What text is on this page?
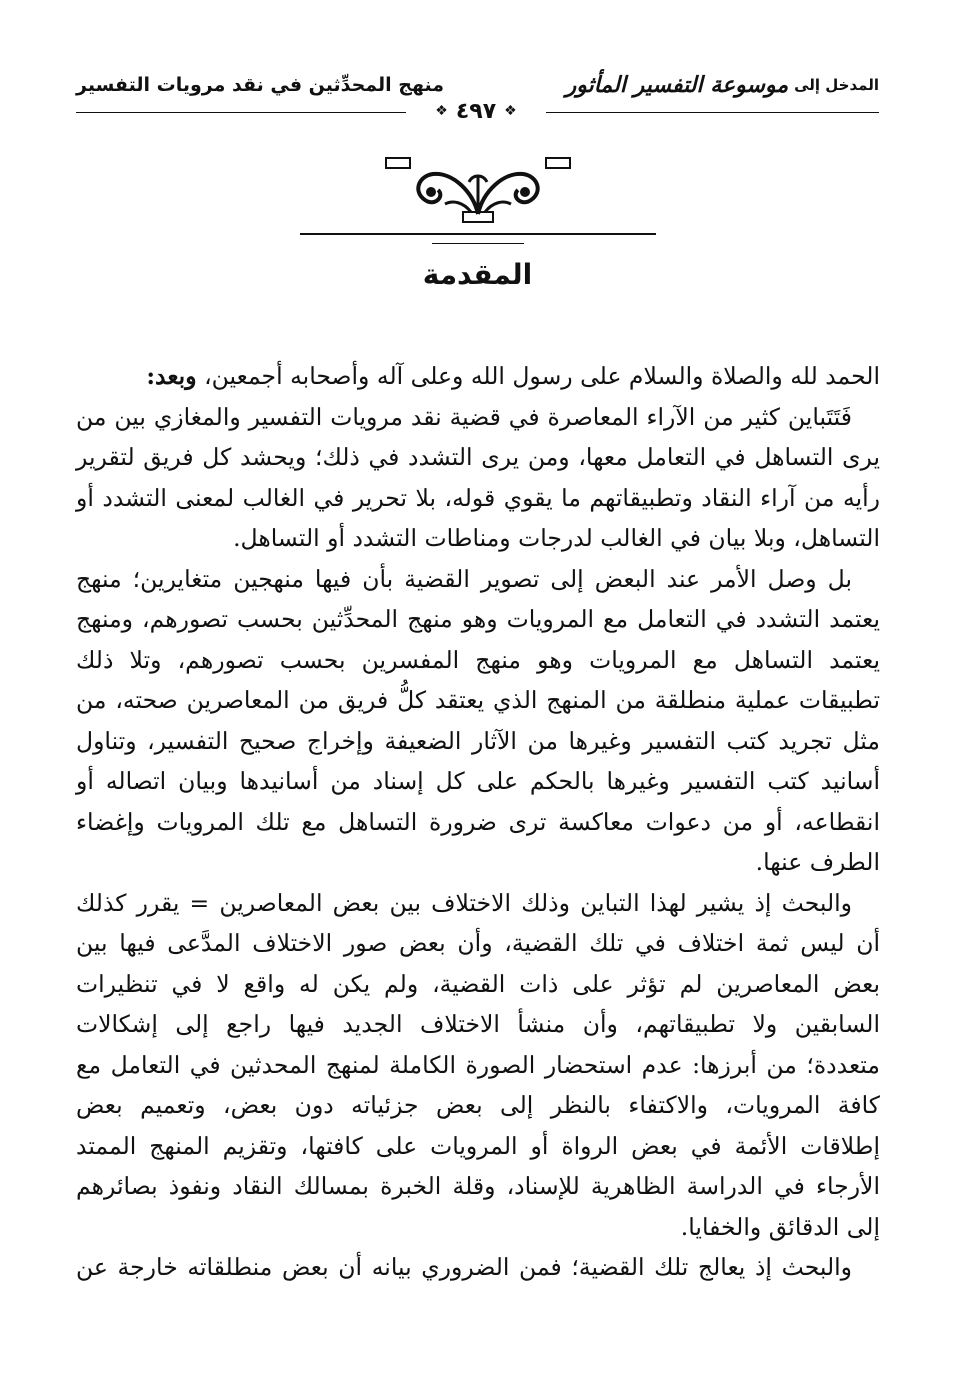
المدخل إلى
موسوعة التفسير المأثور
منهج المحدِّثين في نقد مرويات التفسير
❖
٤٩٧
❖
المقدمة

الحمد لله والصلاة والسلام على رسول الله وعلى آله وأصحابه أجمعين، وبعد:

فَتَتَباين كثير من الآراء المعاصرة في قضية نقد مرويات التفسير والمغازي بين من
يرى التساهل في التعامل معها، ومن يرى التشدد في ذلك؛ ويحشد كل فريق لتقرير
رأيه من آراء النقاد وتطبيقاتهم ما يقوي قوله، بلا تحرير في الغالب لمعنى التشدد أو
التساهل، وبلا بيان في الغالب لدرجات ومناطات التشدد أو التساهل.

بل وصل الأمر عند البعض إلى تصوير القضية بأن فيها منهجين متغايرين؛ منهج
يعتمد التشدد في التعامل مع المرويات وهو منهج المحدِّثين بحسب تصورهم، ومنهج
يعتمد التساهل مع المرويات وهو منهج المفسرين بحسب تصورهم، وتلا ذلك
تطبيقات عملية منطلقة من المنهج الذي يعتقد كلُّ فريق من المعاصرين صحته، من
مثل تجريد كتب التفسير وغيرها من الآثار الضعيفة وإخراج صحيح التفسير، وتناول
أسانيد كتب التفسير وغيرها بالحكم على كل إسناد من أسانيدها وبيان اتصاله أو
انقطاعه، أو من دعوات معاكسة ترى ضرورة التساهل مع تلك المرويات وإغضاء
الطرف عنها.

والبحث إذ يشير لهذا التباين وذلك الاختلاف بين بعض المعاصرين = يقرر كذلك
أن ليس ثمة اختلاف في تلك القضية، وأن بعض صور الاختلاف المدَّعى فيها بين
بعض المعاصرين لم تؤثر على ذات القضية، ولم يكن له واقع لا في تنظيرات
السابقين ولا تطبيقاتهم، وأن منشأ الاختلاف الجديد فيها راجع إلى إشكالات
متعددة؛ من أبرزها: عدم استحضار الصورة الكاملة لمنهج المحدثين في التعامل مع
كافة المرويات، والاكتفاء بالنظر إلى بعض جزئياته دون بعض، وتعميم بعض
إطلاقات الأئمة في بعض الرواة أو المرويات على كافتها، وتقزيم المنهج الممتد
الأرجاء في الدراسة الظاهرية للإسناد، وقلة الخبرة بمسالك النقاد ونفوذ بصائرهم
إلى الدقائق والخفايا.

والبحث إذ يعالج تلك القضية؛ فمن الضروري بيانه أن بعض منطلقاته خارجة عن
